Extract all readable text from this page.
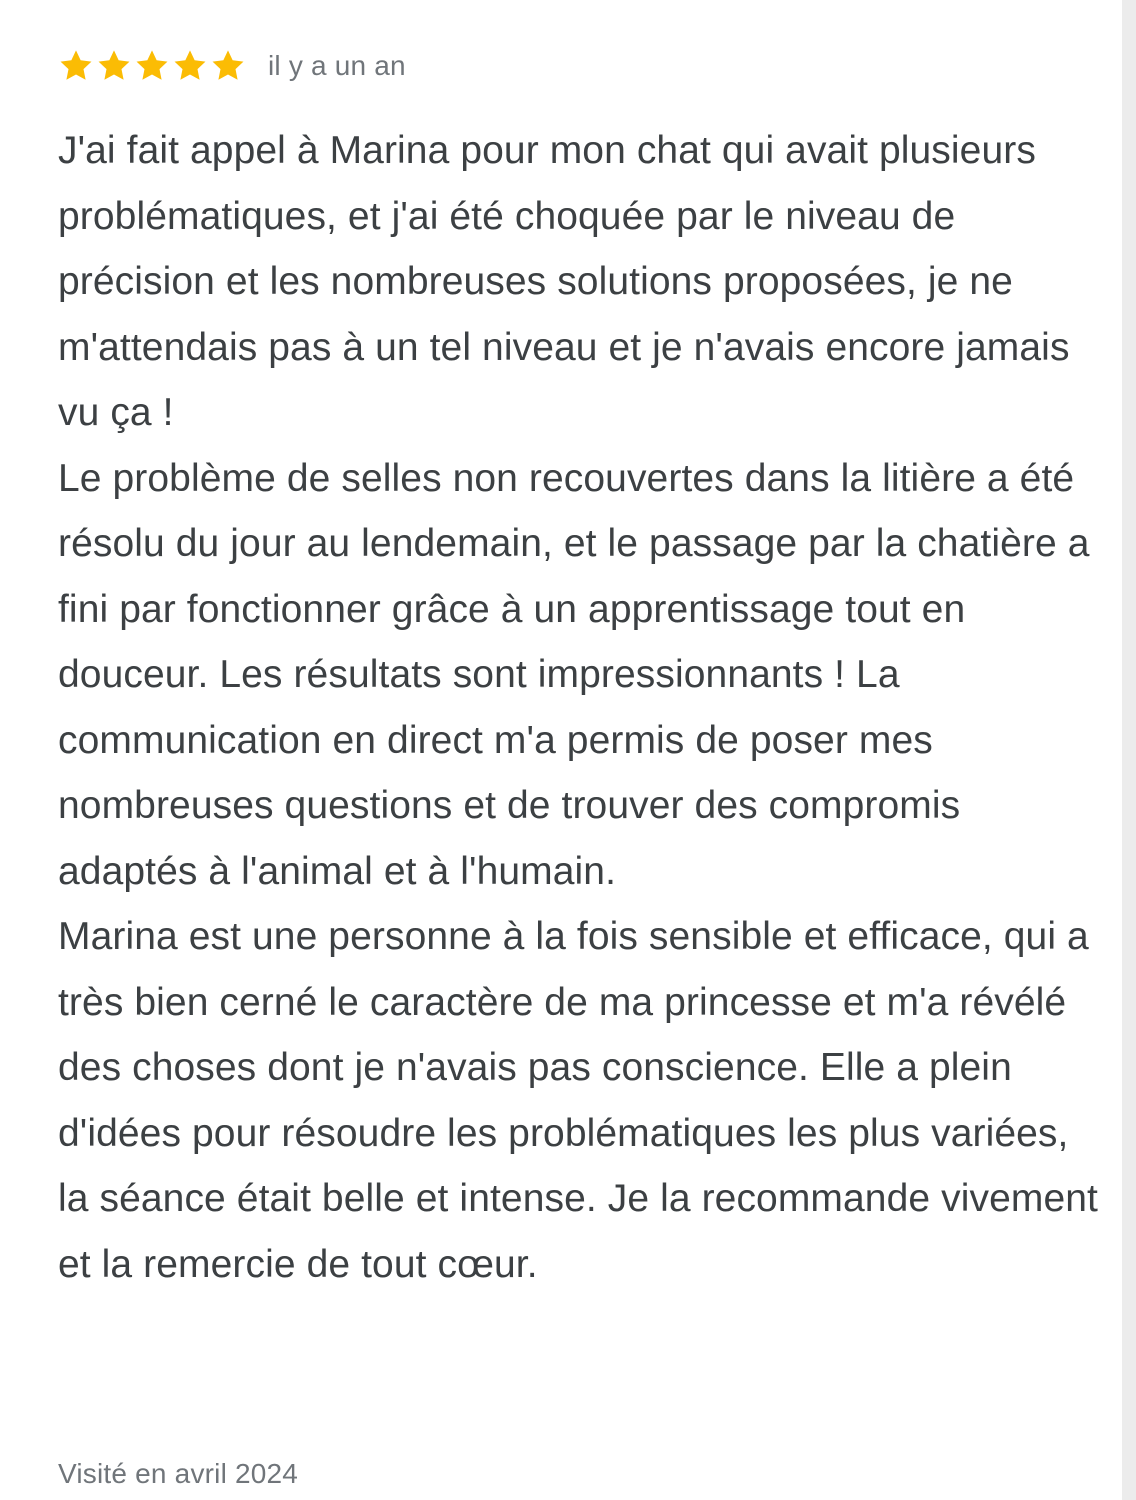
il y a un an

J'ai fait appel à Marina pour mon chat qui avait plusieurs problématiques, et j'ai été choquée par le niveau de précision et les nombreuses solutions proposées, je ne m'attendais pas à un tel niveau et je n'avais encore jamais vu ça !

Le problème de selles non recouvertes dans la litière a été résolu du jour au lendemain, et le passage par la chatière a fini par fonctionner grâce à un apprentissage tout en douceur. Les résultats sont impressionnants ! La communication en direct m'a permis de poser mes nombreuses questions et de trouver des compromis adaptés à l'animal et à l'humain.

Marina est une personne à la fois sensible et efficace, qui a très bien cerné le caractère de ma princesse et m'a révélé des choses dont je n'avais pas conscience. Elle a plein d'idées pour résoudre les problématiques les plus variées, la séance était belle et intense. Je la recommande vivement et la remercie de tout cœur.

Visité en avril 2024
